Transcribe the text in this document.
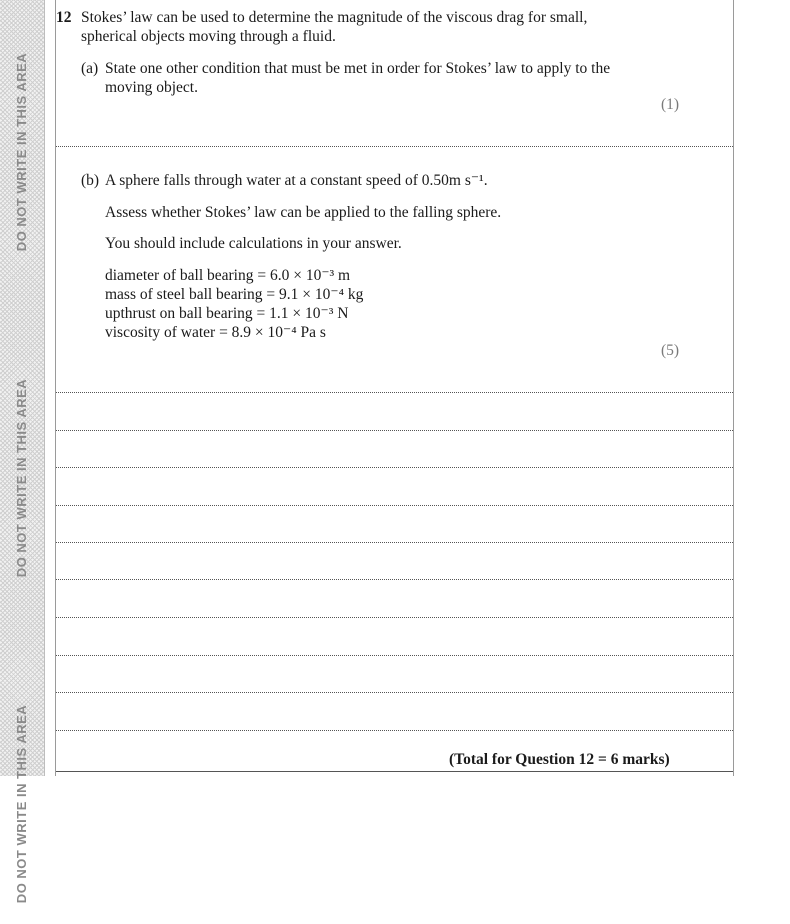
DO NOT WRITE IN THIS AREA
DO NOT WRITE IN THIS AREA
DO NOT WRITE IN THIS AREA
12 Stokes’ law can be used to determine the magnitude of the viscous drag for small,
spherical objects moving through a fluid.
(a) State one other condition that must be met in order for Stokes’ law to apply to the
moving object.
(1)
(b) A sphere falls through water at a constant speed of 0.50m s⁻¹.
Assess whether Stokes’ law can be applied to the falling sphere.
You should include calculations in your answer.
diameter of ball bearing = 6.0 × 10⁻³ m
mass of steel ball bearing = 9.1 × 10⁻⁴ kg
upthrust on ball bearing = 1.1 × 10⁻³ N
viscosity of water = 8.9 × 10⁻⁴ Pa s
(5)
(Total for Question 12 = 6 marks)
